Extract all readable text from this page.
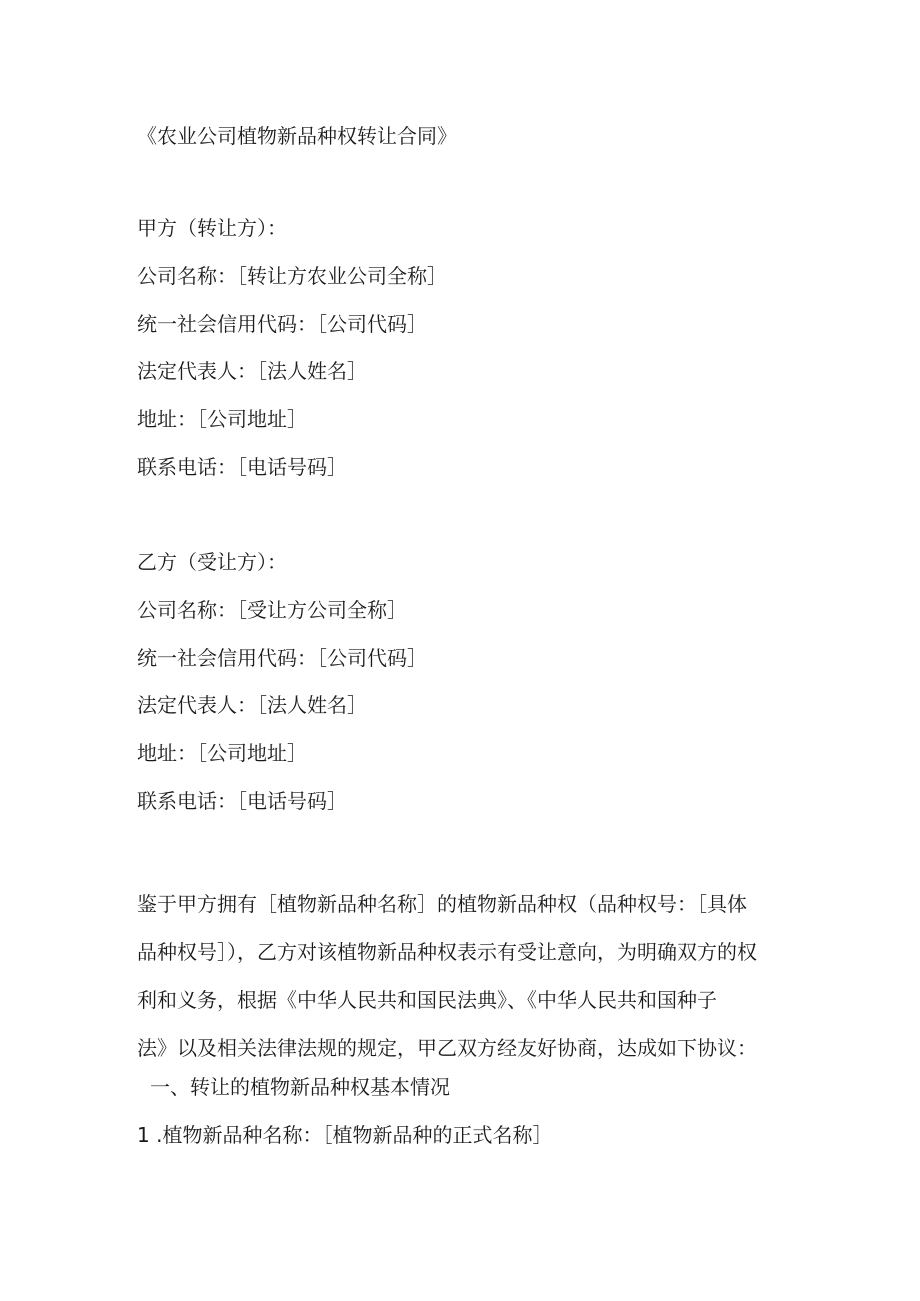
《农业公司植物新品种权转让合同》
甲方（转让方）：
公司名称：［转让方农业公司全称］
统一社会信用代码：［公司代码］
法定代表人：［法人姓名］
地址：［公司地址］
联系电话：［电话号码］
乙方（受让方）：
公司名称：［受让方公司全称］
统一社会信用代码：［公司代码］
法定代表人：［法人姓名］
地址：［公司地址］
联系电话：［电话号码］
鉴于甲方拥有［植物新品种名称］的植物新品种权（品种权号：［具体
品种权号］），乙方对该植物新品种权表示有受让意向，为明确双方的权
利和义务，根据《中华人民共和国民法典》、《中华人民共和国种子
法》以及相关法律法规的规定，甲乙双方经友好协商，达成如下协议：
一、转让的植物新品种权基本情况
1 .植物新品种名称：［植物新品种的正式名称］
